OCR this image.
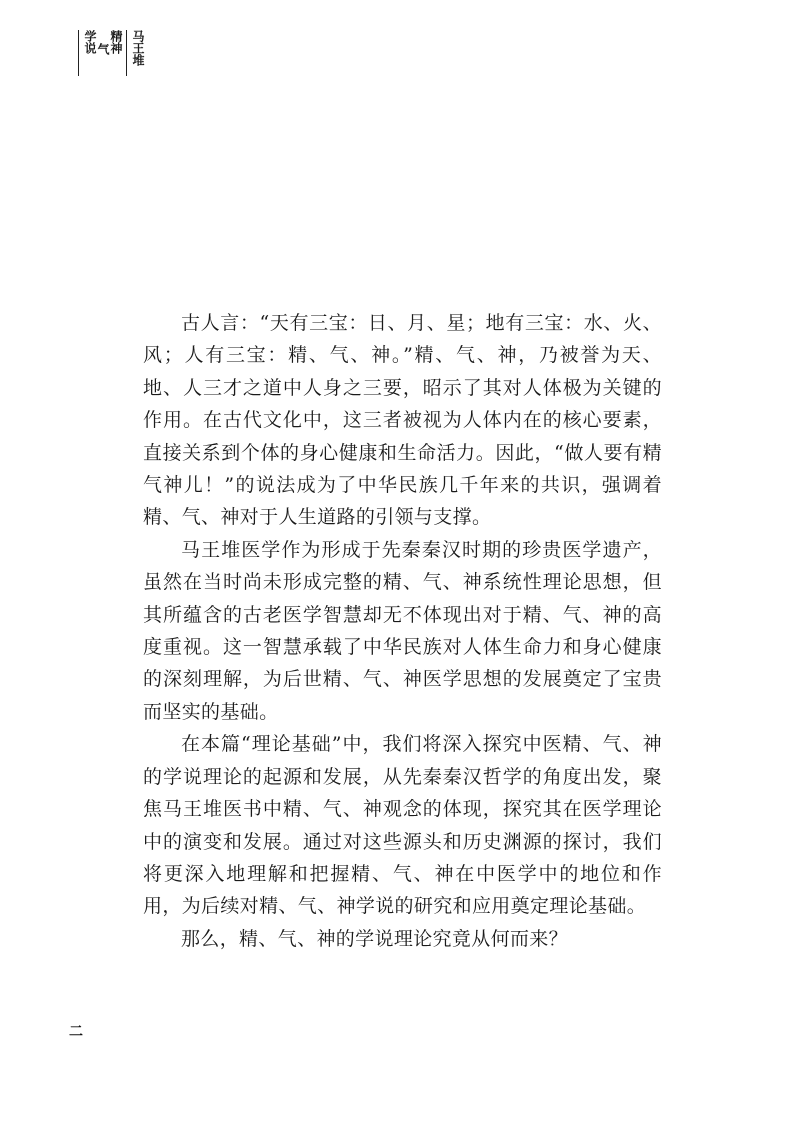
精神
气
学说	马王堆

古人言：“天有三宝：日、月、星；地有三宝：水、火、风；人有三宝：精、气、神。”精、气、神，乃被誉为天、地、人三才之道中人身之三要，昭示了其对人体极为关键的作用。在古代文化中，这三者被视为人体内在的核心要素，直接关系到个体的身心健康和生命活力。因此，“做人要有精气神儿！”的说法成为了中华民族几千年来的共识，强调着精、气、神对于人生道路的引领与支撑。

马王堆医学作为形成于先秦秦汉时期的珍贵医学遗产，虽然在当时尚未形成完整的精、气、神系统性理论思想，但其所蕴含的古老医学智慧却无不体现出对于精、气、神的高度重视。这一智慧承载了中华民族对人体生命力和身心健康的深刻理解，为后世精、气、神医学思想的发展奠定了宝贵而坚实的基础。

在本篇“理论基础”中，我们将深入探究中医精、气、神的学说理论的起源和发展，从先秦秦汉哲学的角度出发，聚焦马王堆医书中精、气、神观念的体现，探究其在医学理论中的演变和发展。通过对这些源头和历史渊源的探讨，我们将更深入地理解和把握精、气、神在中医学中的地位和作用，为后续对精、气、神学说的研究和应用奠定理论基础。

那么，精、气、神的学说理论究竟从何而来？

二
